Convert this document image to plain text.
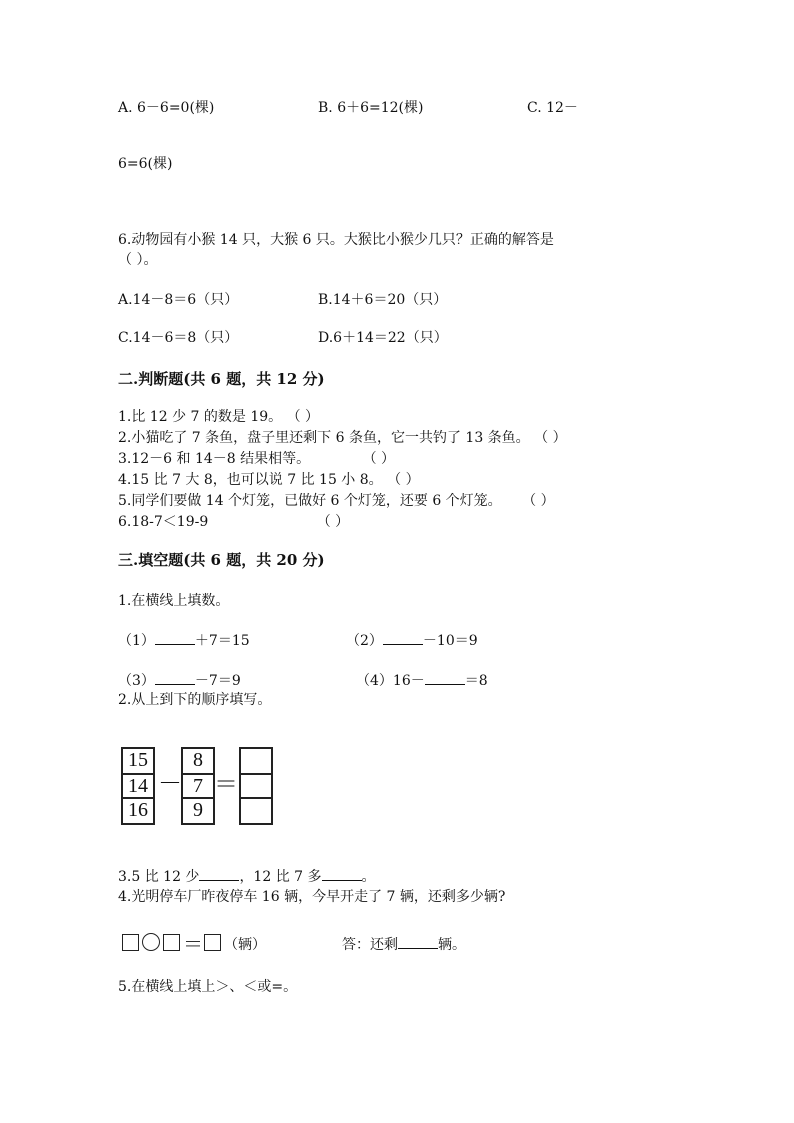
A. 6－6=0(棵)	B. 6＋6=12(棵)	C. 12－
6=6(棵)
6.动物园有小猴 14 只，大猴 6 只。大猴比小猴少几只？正确的解答是
（ ）。
A.14－8＝6（只）	B.14＋6＝20（只）
C.14－6＝8（只）	D.6＋14＝22（只）
二.判断题(共 6 题，共 12 分)
1.比 12 少 7 的数是 19。 （ ）
2.小猫吃了 7 条鱼，盘子里还剩下 6 条鱼，它一共钓了 13 条鱼。 （ ）
3.12－6 和 14－8 结果相等。	（ ）
4.15 比 7 大 8，也可以说 7 比 15 小 8。 （ ）
5.同学们要做 14 个灯笼，已做好 6 个灯笼，还要 6 个灯笼。 （ ）
6.18-7＜19-9	（ ）
三.填空题(共 6 题，共 20 分)
1.在横线上填数。
（1）	＋7＝15	（2）	－10＝9
（3）	－7＝9	（4）16－	＝8
2.从上到下的顺序填写。
15
14
16
－
8
7
9
＝
3.5 比 12 少	，12 比 7 多	。
4.光明停车厂昨夜停车 16 辆，今早开走了 7 辆，还剩多少辆?
＝ （辆）	答：还剩	辆。
5.在横线上填上＞、＜或=。
